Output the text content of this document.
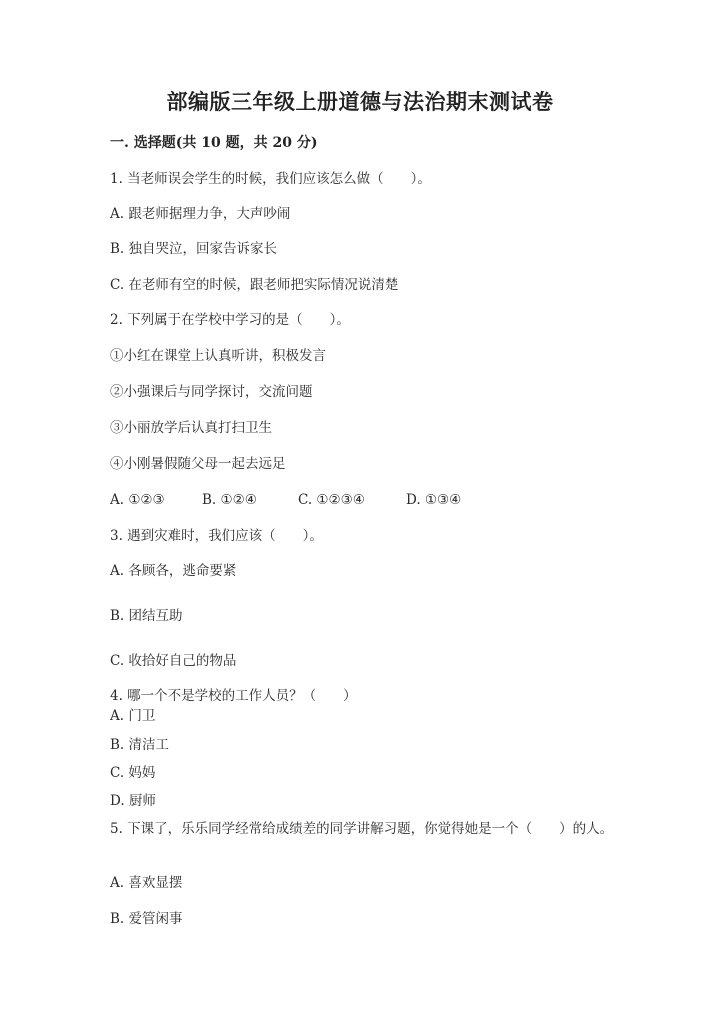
部编版三年级上册道德与法治期末测试卷
一. 选择题(共 10 题，共 20 分)
1. 当老师误会学生的时候，我们应该怎么做（　　）。
A. 跟老师据理力争，大声吵闹
B. 独自哭泣，回家告诉家长
C. 在老师有空的时候，跟老师把实际情况说清楚
2. 下列属于在学校中学习的是（　　）。
①小红在课堂上认真听讲，积极发言
②小强课后与同学探讨，交流问题
③小丽放学后认真打扫卫生
④小刚暑假随父母一起去远足
A. ①②③	B. ①②④	C. ①②③④	D. ①③④
3. 遇到灾难时，我们应该（　　）。
A. 各顾各，逃命要紧
B. 团结互助
C. 收拾好自己的物品
4. 哪一个不是学校的工作人员？（　　）
A. 门卫
B. 清洁工
C. 妈妈
D. 厨师
5. 下课了，乐乐同学经常给成绩差的同学讲解习题，你觉得她是一个（　　）的人。
A. 喜欢显摆
B. 爱管闲事
